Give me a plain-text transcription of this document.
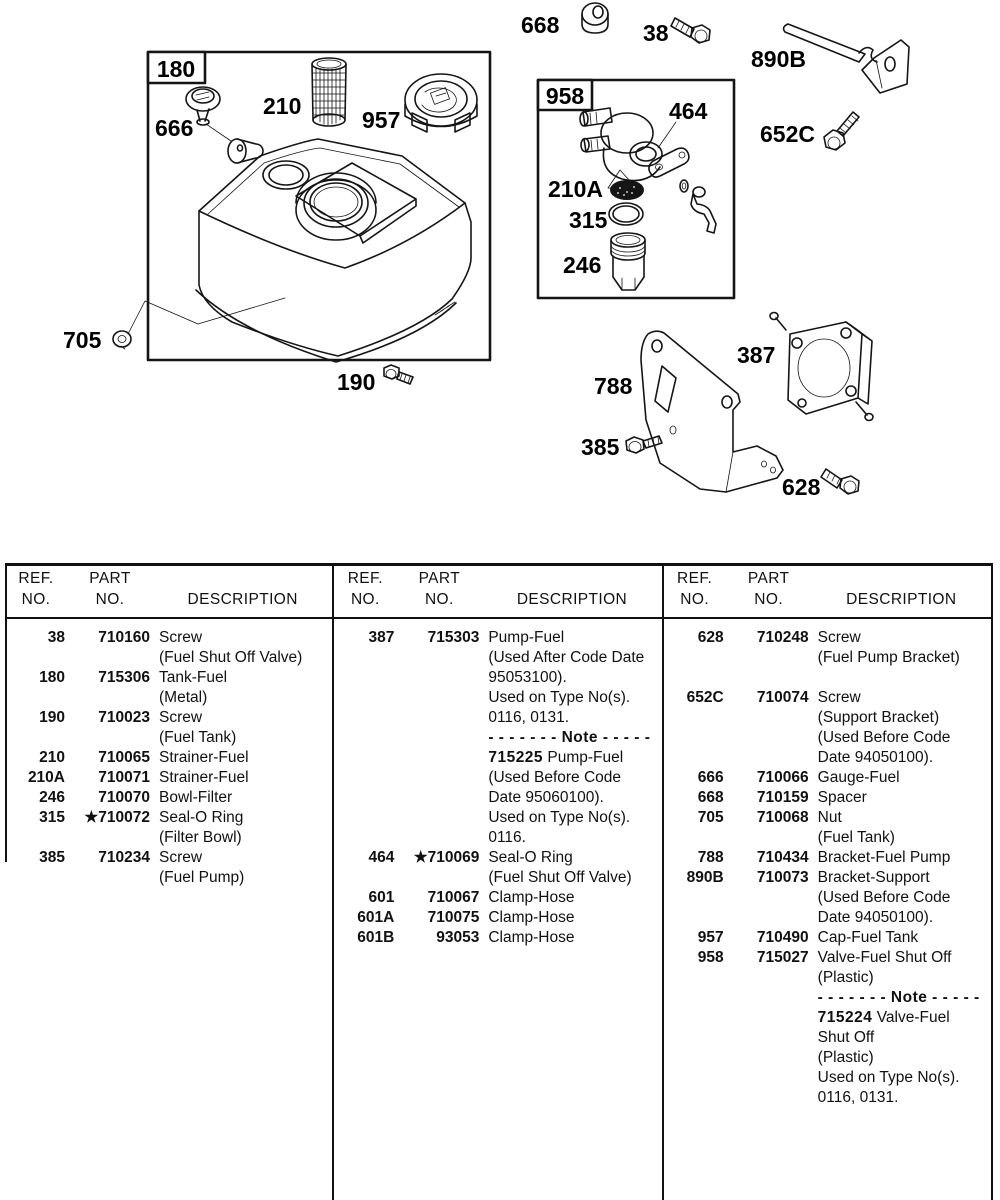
180
666
210
957
705
190
668	38
890B
652C
958
464
210A
315
246
788
387
385
628
REF.	PART
NO.	NO.	DESCRIPTION
38	710160 Screw
(Fuel Shut Off Valve)
180	715306 Tank-Fuel
(Metal)
190	710023 Screw
(Fuel Tank)
210	710065 Strainer-Fuel
210A	710071 Strainer-Fuel
246	710070 Bowl-Filter
315	★710072 Seal-O Ring
(Filter Bowl)
385	710234 Screw
(Fuel Pump)
REF.	PART
NO.	NO.	DESCRIPTION
387	715303 Pump-Fuel
(Used After Code Date
95053100).
Used on Type No(s).
0116, 0131.
- - - - - - - Note - - - - -
715225 Pump-Fuel
(Used Before Code
Date 95060100).
Used on Type No(s).
0116.
464	★710069 Seal-O Ring
(Fuel Shut Off Valve)
601	710067 Clamp-Hose
601A	710075 Clamp-Hose
601B	93053 Clamp-Hose
REF.	PART
NO.	NO.	DESCRIPTION
628	710248 Screw
(Fuel Pump Bracket)
652C	710074 Screw
(Support Bracket)
(Used Before Code
Date 94050100).
666	710066 Gauge-Fuel
668	710159 Spacer
705	710068 Nut
(Fuel Tank)
788	710434 Bracket-Fuel Pump
890B	710073 Bracket-Support
(Used Before Code
Date 94050100).
957	710490 Cap-Fuel Tank
958	715027 Valve-Fuel Shut Off
(Plastic)
- - - - - - - Note - - - - -
715224 Valve-Fuel
Shut Off
(Plastic)
Used on Type No(s).
0116, 0131.
